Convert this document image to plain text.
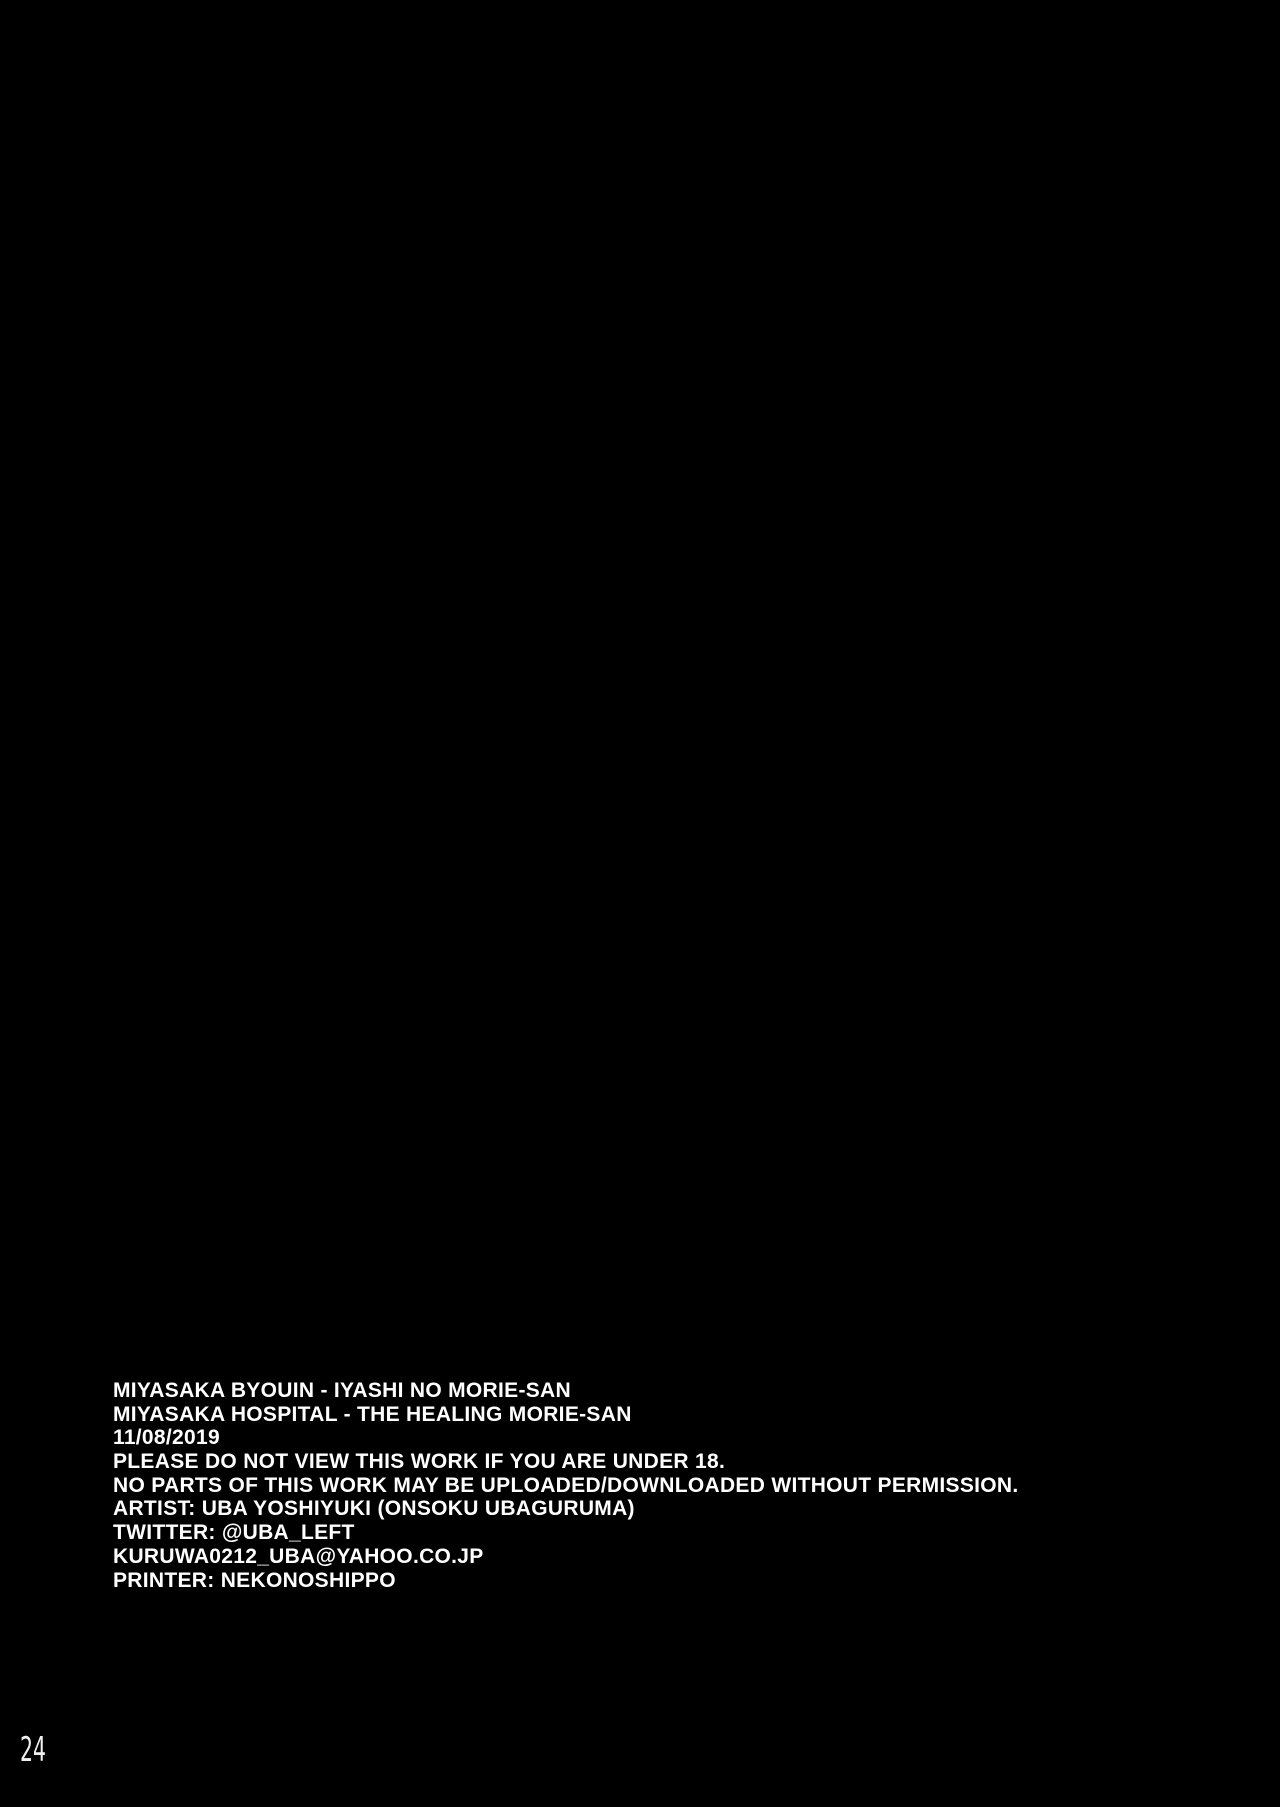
MIYASAKA BYOUIN - IYASHI NO MORIE-SAN
MIYASAKA HOSPITAL - THE HEALING MORIE-SAN
11/08/2019
PLEASE DO NOT VIEW THIS WORK IF YOU ARE UNDER 18.
NO PARTS OF THIS WORK MAY BE UPLOADED/DOWNLOADED WITHOUT PERMISSION.
ARTIST: UBA YOSHIYUKI (ONSOKU UBAGURUMA)
TWITTER: @UBA_LEFT
KURUWA0212_UBA@YAHOO.CO.JP
PRINTER: NEKONOSHIPPO
24
